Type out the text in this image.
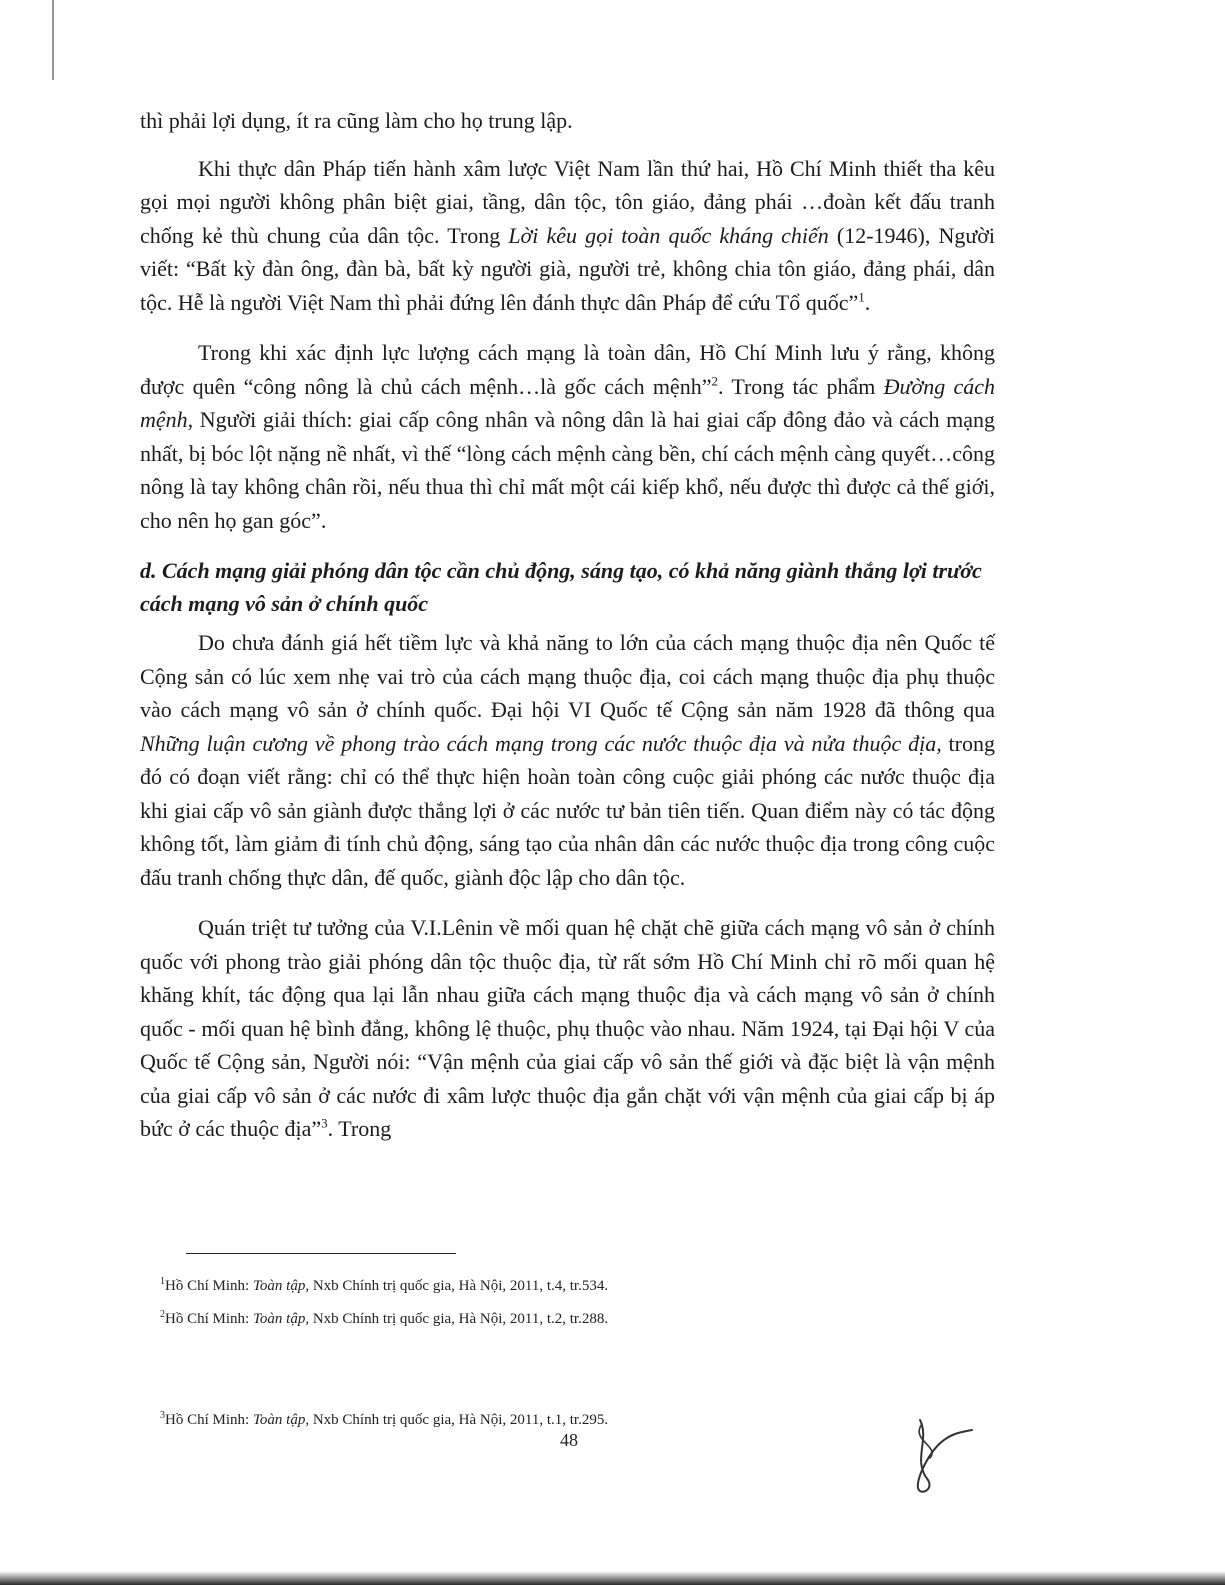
thì phải lợi dụng, ít ra cũng làm cho họ trung lập.

Khi thực dân Pháp tiến hành xâm lược Việt Nam lần thứ hai, Hồ Chí Minh thiết tha kêu gọi mọi người không phân biệt giai, tầng, dân tộc, tôn giáo, đảng phái …đoàn kết đấu tranh chống kẻ thù chung của dân tộc. Trong Lời kêu gọi toàn quốc kháng chiến (12-1946), Người viết: “Bất kỳ đàn ông, đàn bà, bất kỳ người già, người trẻ, không chia tôn giáo, đảng phái, dân tộc. Hễ là người Việt Nam thì phải đứng lên đánh thực dân Pháp để cứu Tổ quốc”$^1$.

Trong khi xác định lực lượng cách mạng là toàn dân, Hồ Chí Minh lưu ý rằng, không được quên “công nông là chủ cách mệnh…là gốc cách mệnh”$^2$. Trong tác phẩm Đường cách mệnh, Người giải thích: giai cấp công nhân và nông dân là hai giai cấp đông đảo và cách mạng nhất, bị bóc lột nặng nề nhất, vì thế “lòng cách mệnh càng bền, chí cách mệnh càng quyết…công nông là tay không chân rồi, nếu thua thì chỉ mất một cái kiếp khổ, nếu được thì được cả thế giới, cho nên họ gan góc”.

d. Cách mạng giải phóng dân tộc cần chủ động, sáng tạo, có khả năng giành thắng lợi trước cách mạng vô sản ở chính quốc

Do chưa đánh giá hết tiềm lực và khả năng to lớn của cách mạng thuộc địa nên Quốc tế Cộng sản có lúc xem nhẹ vai trò của cách mạng thuộc địa, coi cách mạng thuộc địa phụ thuộc vào cách mạng vô sản ở chính quốc. Đại hội VI Quốc tế Cộng sản năm 1928 đã thông qua Những luận cương về phong trào cách mạng trong các nước thuộc địa và nửa thuộc địa, trong đó có đoạn viết rằng: chỉ có thể thực hiện hoàn toàn công cuộc giải phóng các nước thuộc địa khi giai cấp vô sản giành được thắng lợi ở các nước tư bản tiên tiến. Quan điểm này có tác động không tốt, làm giảm đi tính chủ động, sáng tạo của nhân dân các nước thuộc địa trong công cuộc đấu tranh chống thực dân, đế quốc, giành độc lập cho dân tộc.

Quán triệt tư tưởng của V.I.Lênin về mối quan hệ chặt chẽ giữa cách mạng vô sản ở chính quốc với phong trào giải phóng dân tộc thuộc địa, từ rất sớm Hồ Chí Minh chỉ rõ mối quan hệ khăng khít, tác động qua lại lẫn nhau giữa cách mạng thuộc địa và cách mạng vô sản ở chính quốc - mối quan hệ bình đẳng, không lệ thuộc, phụ thuộc vào nhau. Năm 1924, tại Đại hội V của Quốc tế Cộng sản, Người nói: “Vận mệnh của giai cấp vô sản thế giới và đặc biệt là vận mệnh của giai cấp vô sản ở các nước đi xâm lược thuộc địa gắn chặt với vận mệnh của giai cấp bị áp bức ở các thuộc địa”$^3$. Trong

$^1$Hồ Chí Minh: Toàn tập, Nxb Chính trị quốc gia, Hà Nội, 2011, t.4, tr.534.
$^2$Hồ Chí Minh: Toàn tập, Nxb Chính trị quốc gia, Hà Nội, 2011, t.2, tr.288.
$^3$Hồ Chí Minh: Toàn tập, Nxb Chính trị quốc gia, Hà Nội, 2011, t.1, tr.295.
48
